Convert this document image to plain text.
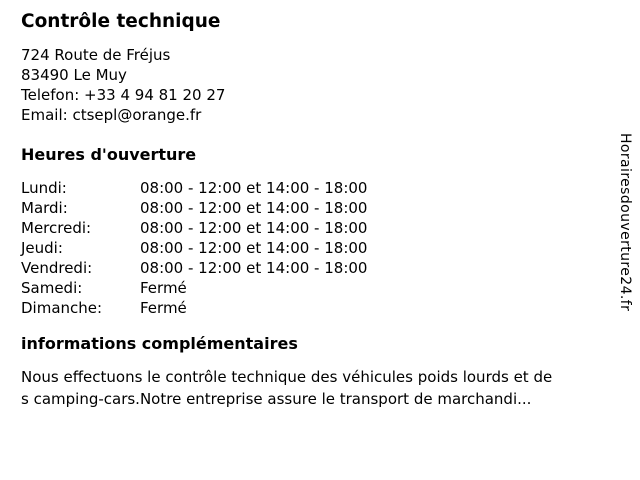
Contrôle technique
724 Route de Fréjus
83490 Le Muy
Telefon: +33 4 94 81 20 27
Email: ctsepl@orange.fr
Heures d'ouverture
Lundi:	08:00 - 12:00 et 14:00 - 18:00
Mardi:	08:00 - 12:00 et 14:00 - 18:00
Mercredi:	08:00 - 12:00 et 14:00 - 18:00
Jeudi:	08:00 - 12:00 et 14:00 - 18:00
Vendredi:	08:00 - 12:00 et 14:00 - 18:00
Samedi:	Fermé
Dimanche:	Fermé
informations complémentaires
Nous effectuons le contrôle technique des véhicules poids lourds et de
s camping-cars.Notre entreprise assure le transport de marchandi...
Horairesdouverture24.fr
